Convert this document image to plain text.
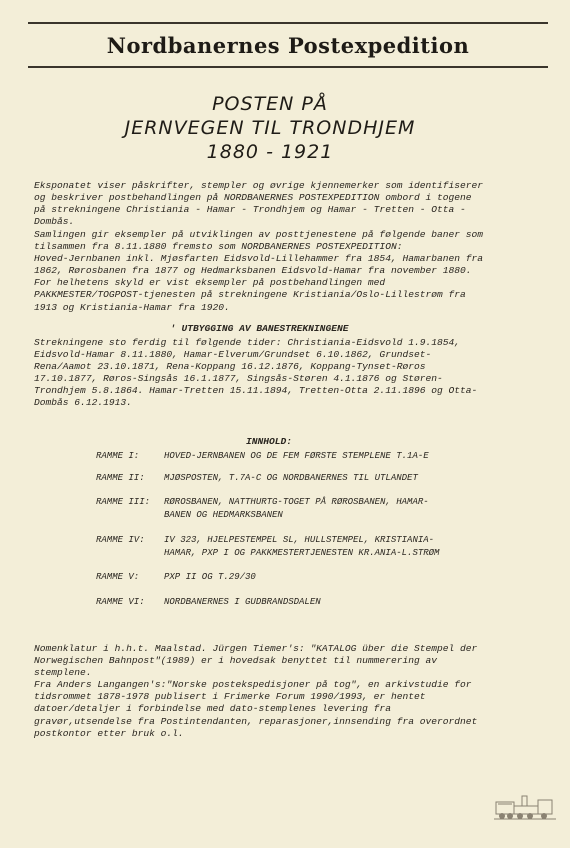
Nordbanernes Postexpedition
POSTEN PÅ
JERNVEGEN TIL TRONDHJEM
1880 - 1921
Eksponatet viser påskrifter, stempler og øvrige kjennemerker som identifiserer
og beskriver postbehandlingen på NORDBANERNES POSTEXPEDITION ombord i togene
på strekningene Christiania - Hamar - Trondhjem og Hamar - Tretten - Otta -
Dombås.
Samlingen gir eksempler på utviklingen av posttjenestene på følgende baner som
tilsammen fra 8.11.1880 fremsto som NORDBANERNES POSTEXPEDITION:
Hoved-Jernbanen inkl. Mjøsfarten Eidsvold-Lillehammer fra 1854, Hamarbanen fra
1862, Rørosbanen fra 1877 og Hedmarksbanen Eidsvold-Hamar fra november 1880.
For helhetens skyld er vist eksempler på postbehandlingen med
PAKKMESTER/TOGPOST-tjenesten på strekningene Kristiania/Oslo-Lillestrøm fra
1913 og Kristiania-Hamar fra 1920.
' UTBYGGING AV BANESTREKNINGENE
Strekningene sto ferdig til følgende tider: Christiania-Eidsvold 1.9.1854,
Eidsvold-Hamar 8.11.1880, Hamar-Elverum/Grundset 6.10.1862, Grundset-
Rena/Aamot 23.10.1871, Rena-Koppang 16.12.1876, Koppang-Tynset-Røros
17.10.1877, Røros-Singsås 16.1.1877, Singsås-Støren 4.1.1876 og Støren-
Trondhjem 5.8.1864. Hamar-Tretten 15.11.1894, Tretten-Otta 2.11.1896 og Otta-
Dombås 6.12.1913.
INNHOLD:
RAMME I:	HOVED-JERNBANEN OG DE FEM FØRSTE STEMPLENE T.1A-E
RAMME II: MJØSPOSTEN, T.7A-C OG NORDBANERNES TIL UTLANDET
RAMME III: RØROSBANEN, NATTHURTG-TOGET PÅ RØROSBANEN, HAMAR-
BANEN OG HEDMARKSBANEN
RAMME IV: IV 323, HJELPESTEMPEL SL, HULLSTEMPEL, KRISTIANIA-
HAMAR, PXP I OG PAKKMESTERTJENESTEN KR.ANIA-L.STRØM
RAMME V:	PXP II OG T.29/30
RAMME VI: NORDBANERNES I GUDBRANDSDALEN
Nomenklatur i h.h.t. Maalstad. Jürgen Tiemer's: "KATALOG über die Stempel der
Norwegischen Bahnpost"(1989) er i hovedsak benyttet til nummerering av
stemplene.
Fra Anders Langangen's:"Norske postekspedisjoner på tog", en arkivstudie for
tidsrommet 1878-1978 publisert i Frimerke Forum 1990/1993, er hentet
datoer/detaljer i forbindelse med dato-stemplenes levering fra
gravør,utsendelse fra Postintendanten, reparasjoner,innsending fra overordnet
postkontor etter bruk o.l.
